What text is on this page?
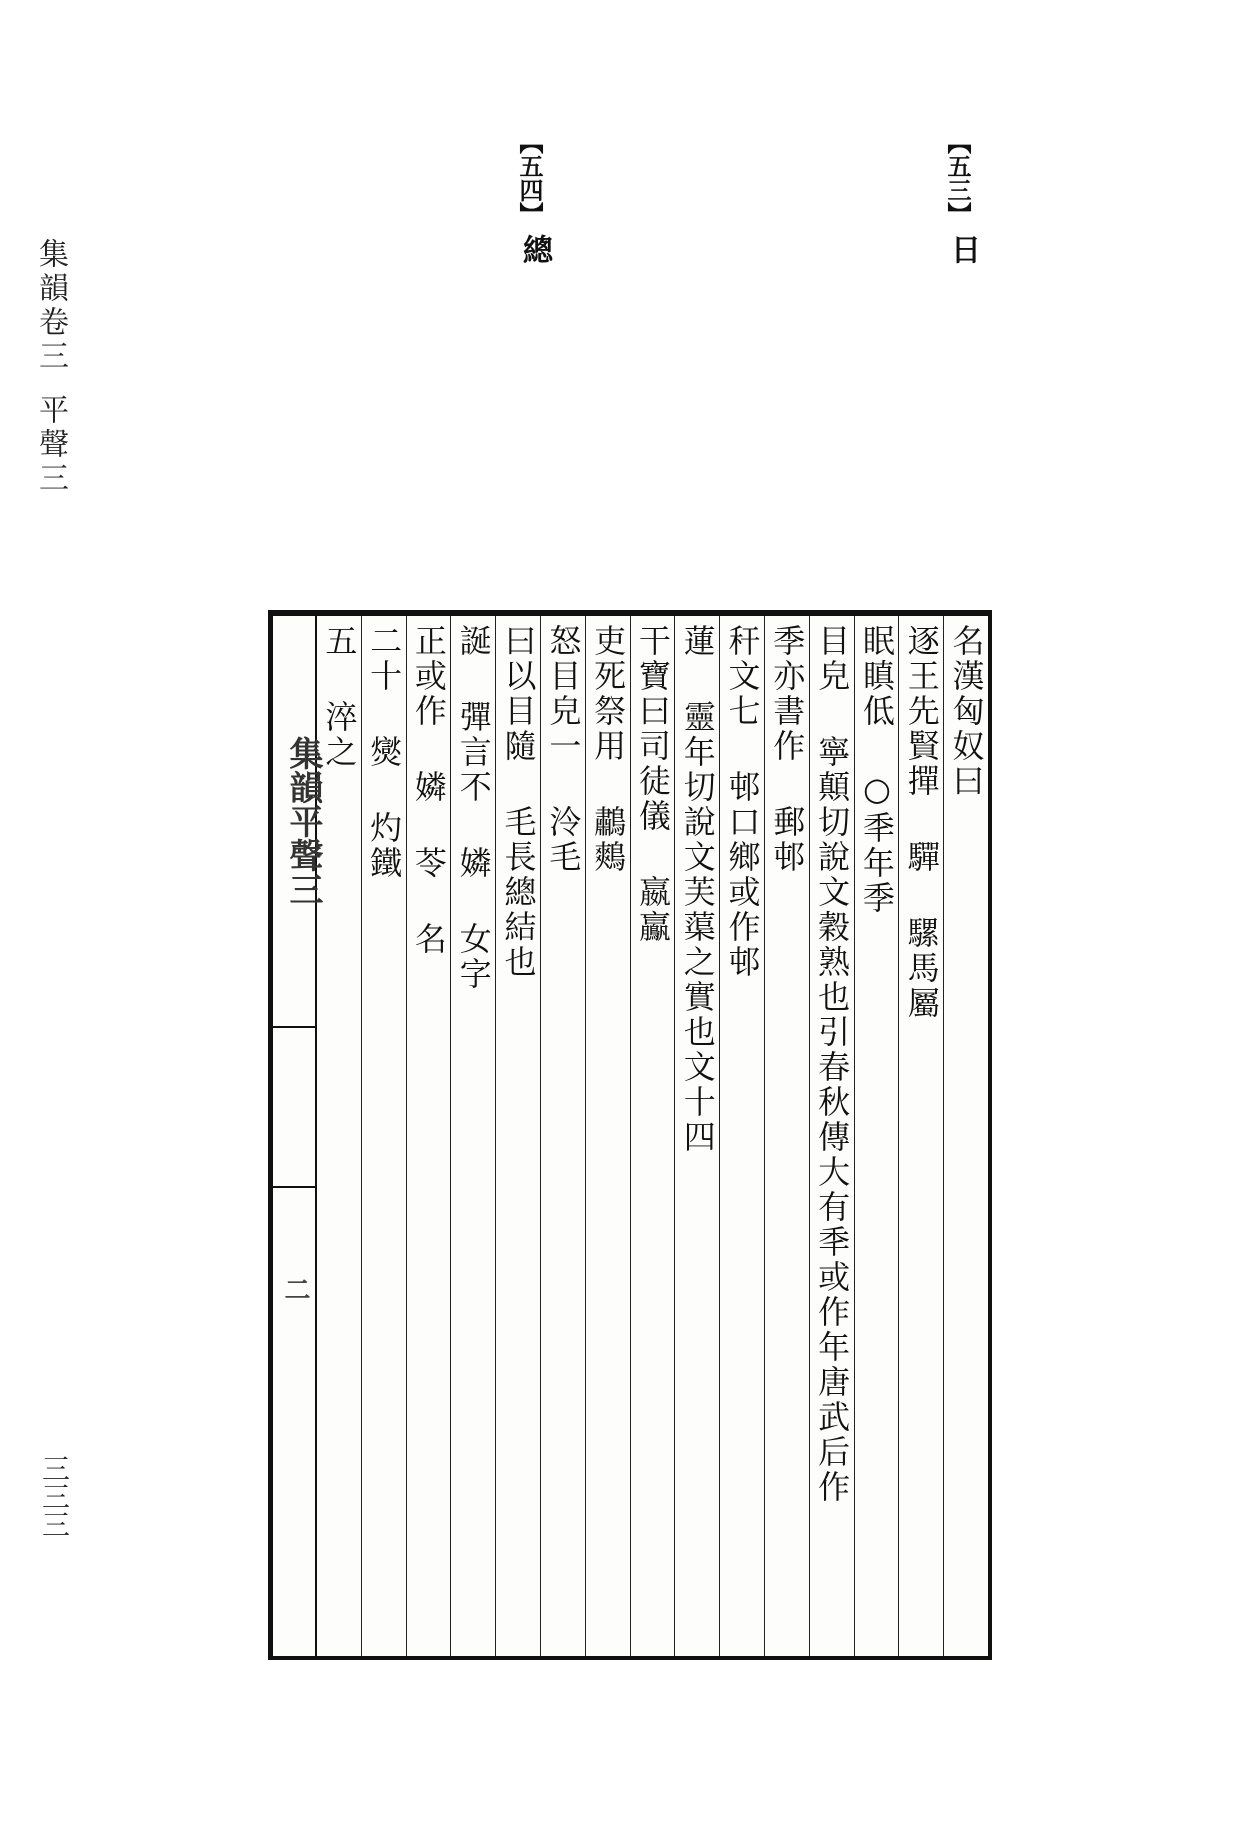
集韻卷三
平聲三
【五四】
總
【五三】
日
集韻平聲三
二
名漢匈奴曰
逐王先賢撣 驒 騾馬屬
眠瞋低 ○秊年季
目皃 寧顛切說文穀熟也引春秋傳大有秊或作年唐武后作
季亦書作 郵邨
秆文七 邨口鄉或作邨
蓮 靈年切說文芙蕖之實也文十四
干寶曰司徒儀 嬴鸁
吏死祭用 鷫鷞
怒目皃一 泠毛
曰以目隨 毛長總結也
誕 彈言不 嫾 女字
正或作 嫾 苓 名
二十 爕 灼鐵
五 淬之
三三三
